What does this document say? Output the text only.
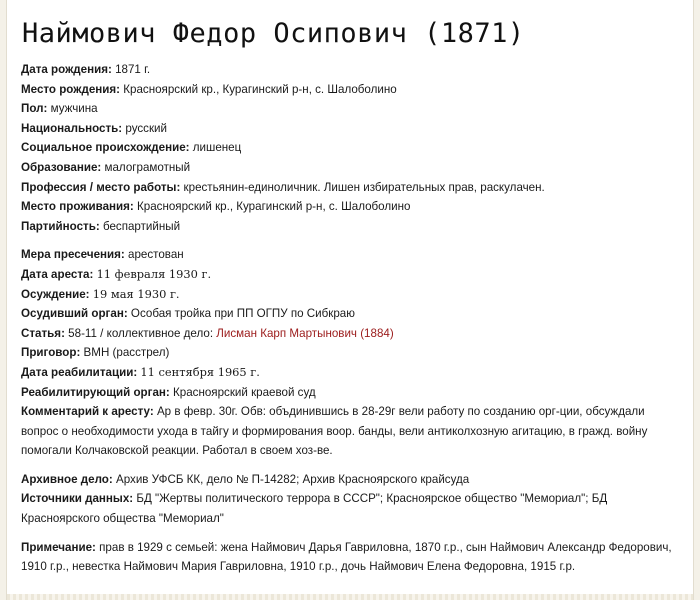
Наймович Федор Осипович (1871)

Дата рождения: 1871 г.

Место рождения: Красноярский кр., Курагинский р-н, с. Шалоболино

Пол: мужчина

Национальность: русский

Социальное происхождение: лишенец

Образование: малограмотный

Профессия / место работы: крестьянин-единоличник. Лишен избирательных прав, раскулачен.

Место проживания: Красноярский кр., Курагинский р-н, с. Шалоболино

Партийность: беспартийный

Мера пресечения: арестован

Дата ареста: 11 февраля 1930 г.

Осуждение: 19 мая 1930 г.

Осудивший орган: Особая тройка при ПП ОГПУ по Сибкраю

Статья: 58-11 / коллективное дело: Лисман Карп Мартынович (1884)

Приговор: ВМН (расстрел)

Дата реабилитации: 11 сентября 1965 г.

Реабилитирующий орган: Красноярский краевой суд

Комментарий к аресту: Ар в февр. 30г. Обв: объдинившись в 28-29г вели работу по созданию орг-ции, обсуждали вопрос о необходимости ухода в тайгу и формирования воор. банды, вели антиколхозную агитацию, в гражд. войну помогали Колчаковской реакции. Работал в своем хоз-ве.

Архивное дело: Архив УФСБ КК, дело № П-14282; Архив Красноярского крайсуда

Источники данных: БД "Жертвы политического террора в СССР"; Красноярское общество "Мемориал"; БД Красноярского общества "Мемориал"

Примечание: прав в 1929 с семьей: жена Наймович Дарья Гавриловна, 1870 г.р., сын Наймович Александр Федорович, 1910 г.р., невестка Наймович Мария Гавриловна, 1910 г.р., дочь Наймович Елена Федоровна, 1915 г.р.
